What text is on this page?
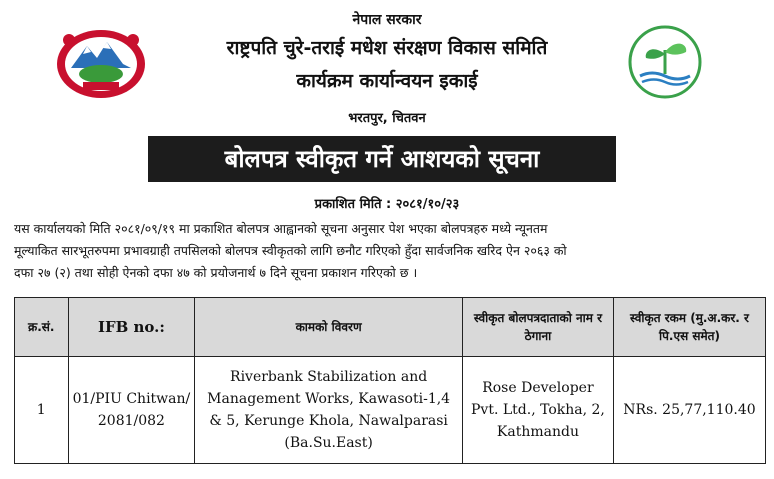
नेपाल सरकार
राष्ट्रपति चुरे-तराई मधेश संरक्षण विकास समिति
कार्यक्रम कार्यान्वयन इकाई
भरतपुर, चितवन
बोलपत्र स्वीकृत गर्ने आशयको सूचना
प्रकाशित मिति : २०८१/१०/२३
यस कार्यालयको मिति २०८१/०९/१९ मा प्रकाशित बोलपत्र आह्वानको सूचना अनुसार पेश भएका बोलपत्रहरु मध्ये न्यूनतम
मूल्याकित सारभूतरुपमा प्रभावग्राही तपसिलको बोलपत्र स्वीकृतको लागि छनौट गरिएको हुँदा सार्वजनिक खरिद ऐन २०६३ को
दफा २७ (२) तथा सोही ऐनको दफा ४७ को प्रयोजनार्थ ७ दिने सूचना प्रकाशन गरिएको छ ।
क्र.सं.	IFB no.:	कामको विवरण	स्वीकृत बोलपत्रदाताको नाम र ठेगाना	स्वीकृत रकम (मु.अ.कर. र पि.एस समेत)
1	01/PIU Chitwan/ 2081/082	Riverbank Stabilization and Management Works, Kawasoti-1,4 & 5, Kerunge Khola, Nawalparasi (Ba.Su.East)	Rose Developer Pvt. Ltd., Tokha, 2, Kathmandu	NRs. 25,77,110.40
